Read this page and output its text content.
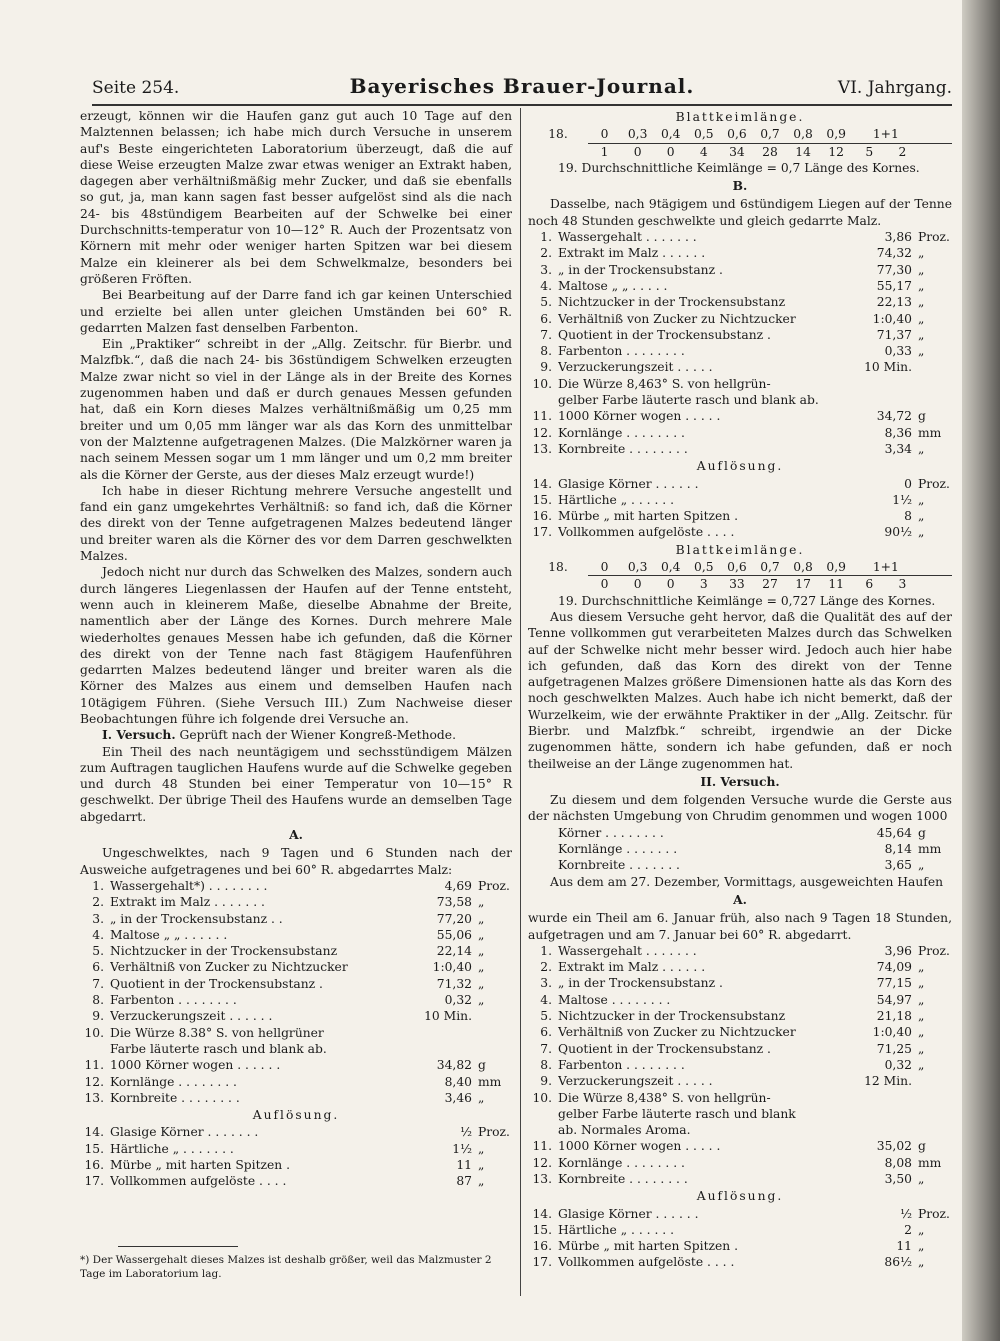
Seite 254.	Bayerisches Brauer-Journal.	VI. Jahrgang.

erzeugt, können wir die Haufen ganz gut auch 10 Tage auf den Malztennen belassen; ich habe mich durch Versuche in unserem auf's Beste eingerichteten Laboratorium überzeugt, daß die auf diese Weise erzeugten Malze zwar etwas weniger an Extrakt haben, dagegen aber verhältnißmäßig mehr Zucker, und daß sie ebenfalls so gut, ja, man kann sagen fast besser aufgelöst sind als die nach 24- bis 48stündigem Bearbeiten auf der Schwelke bei einer Durchschnitts-temperatur von 10—12° R. Auch der Prozentsatz von Körnern mit mehr oder weniger harten Spitzen war bei diesem Malze ein kleinerer als bei dem Schwelkmalze, besonders bei größeren Fröften.

Bei Bearbeitung auf der Darre fand ich gar keinen Unterschied und erzielte bei allen unter gleichen Umständen bei 60° R. gedarrten Malzen fast denselben Farbenton.

Ein „Praktiker“ schreibt in der „Allg. Zeitschr. für Bierbr. und Malzfbk.“, daß die nach 24- bis 36stündigem Schwelken erzeugten Malze zwar nicht so viel in der Länge als in der Breite des Kornes zugenommen haben und daß er durch genaues Messen gefunden hat, daß ein Korn dieses Malzes verhältnißmäßig um 0,25 mm breiter und um 0,05 mm länger war als das Korn des unmittelbar von der Malztenne aufgetragenen Malzes. (Die Malzkörner waren ja nach seinem Messen sogar um 1 mm länger und um 0,2 mm breiter als die Körner der Gerste, aus der dieses Malz erzeugt wurde!)

Ich habe in dieser Richtung mehrere Versuche angestellt und fand ein ganz umgekehrtes Verhältniß: so fand ich, daß die Körner des direkt von der Tenne aufgetragenen Malzes bedeutend länger und breiter waren als die Körner des vor dem Darren geschwelkten Malzes.

Jedoch nicht nur durch das Schwelken des Malzes, sondern auch durch längeres Liegenlassen der Haufen auf der Tenne entsteht, wenn auch in kleinerem Maße, dieselbe Abnahme der Breite, namentlich aber der Länge des Kornes. Durch mehrere Male wiederholtes genaues Messen habe ich gefunden, daß die Körner des direkt von der Tenne nach fast 8tägigem Haufenführen gedarrten Malzes bedeutend länger und breiter waren als die Körner des Malzes aus einem und demselben Haufen nach 10tägigem Führen. (Siehe Versuch III.) Zum Nachweise dieser Beobachtungen führe ich folgende drei Versuche an.

I. Versuch. Geprüft nach der Wiener Kongreß-Methode.

Ein Theil des nach neuntägigem und sechsstündigem Mälzen zum Auftragen tauglichen Haufens wurde auf die Schwelke gegeben und durch 48 Stunden bei einer Temperatur von 10—15° R geschwelkt. Der übrige Theil des Haufens wurde an demselben Tage abgedarrt.

A.

Ungeschwelktes, nach 9 Tagen und 6 Stunden nach der Ausweiche aufgetragenes und bei 60° R. abgedarrtes Malz:

1. Wassergehalt*) . . . . . . . .	4,69 Proz.
2. Extrakt im Malz . . . . . . .	73,58 „
3. „ in der Trockensubstanz . .	77,20 „
4. Maltose „ „ . . . . . .	55,06 „
5. Nichtzucker in der Trockensubstanz	22,14 „
6. Verhältniß von Zucker zu Nichtzucker	1:0,40 „
7. Quotient in der Trockensubstanz .	71,32 „
8. Farbenton . . . . . . . .	0,32 „
9. Verzuckerungszeit . . . . . .	10 Min.
10. Die Würze 8.38° S. von hellgrüner
Farbe läuterte rasch und blank ab.
11. 1000 Körner wogen . . . . . .	34,82 g
12. Kornlänge . . . . . . . .	8,40 mm
13. Kornbreite . . . . . . . .	3,46 „
Auflösung.
14. Glasige Körner . . . . . . .	½ Proz.
15. Härtliche „ . . . . . . .	1½ „
16. Mürbe „ mit harten Spitzen .	11 „
17. Vollkommen aufgelöste . . . .	87 „
*) Der Wassergehalt dieses Malzes ist deshalb größer, weil das Malzmuster 2 Tage im Laboratorium lag.
Blattkeimlänge.
18.	0	0,3	0,4	0,5	0,6	0,7	0,8	0,9	1+1
1	0	0	4	34	28	14	12	5	2
19. Durchschnittliche Keimlänge = 0,7 Länge des Kornes.
B.

Dasselbe, nach 9tägigem und 6stündigem Liegen auf der Tenne noch 48 Stunden geschwelkte und gleich gedarrte Malz.

1. Wassergehalt . . . . . . .	3,86 Proz.
2. Extrakt im Malz . . . . . .	74,32 „
3. „ in der Trockensubstanz .	77,30 „
4. Maltose „ „ . . . . .	55,17 „
5. Nichtzucker in der Trockensubstanz	22,13 „
6. Verhältniß von Zucker zu Nichtzucker	1:0,40 „
7. Quotient in der Trockensubstanz .	71,37 „
8. Farbenton . . . . . . . .	0,33 „
9. Verzuckerungszeit . . . . .	10 Min.
10. Die Würze 8,463° S. von hellgrün-
gelber Farbe läuterte rasch und blank ab.
11. 1000 Körner wogen . . . . .	34,72 g
12. Kornlänge . . . . . . . .	8,36 mm
13. Kornbreite . . . . . . . .	3,34 „
Auflösung.
14. Glasige Körner . . . . . .	0 Proz.
15. Härtliche „ . . . . . .	1½ „
16. Mürbe „ mit harten Spitzen .	8 „
17. Vollkommen aufgelöste . . . .	90½ „
Blattkeimlänge.
18.	0	0,3	0,4	0,5	0,6	0,7	0,8	0,9	1+1
0	0	0	3	33	27	17	11	6	3
19. Durchschnittliche Keimlänge = 0,727 Länge des Kornes.

Aus diesem Versuche geht hervor, daß die Qualität des auf der Tenne vollkommen gut verarbeiteten Malzes durch das Schwelken auf der Schwelke nicht mehr besser wird. Jedoch auch hier habe ich gefunden, daß das Korn des direkt von der Tenne aufgetragenen Malzes größere Dimensionen hatte als das Korn des noch geschwelkten Malzes. Auch habe ich nicht bemerkt, daß der Wurzelkeim, wie der erwähnte Praktiker in der „Allg. Zeitschr. für Bierbr. und Malzfbk.“ schreibt, irgendwie an der Dicke zugenommen hätte, sondern ich habe gefunden, daß er noch theilweise an der Länge zugenommen hat.

II. Versuch.

Zu diesem und dem folgenden Versuche wurde die Gerste aus der nächsten Umgebung von Chrudim genommen und wogen 1000

Körner . . . . . . . .	45,64 g
Kornlänge . . . . . . .	8,14 mm
Kornbreite . . . . . . .	3,65 „

Aus dem am 27. Dezember, Vormittags, ausgeweichten Haufen

A.

wurde ein Theil am 6. Januar früh, also nach 9 Tagen 18 Stunden, aufgetragen und am 7. Januar bei 60° R. abgedarrt.

1. Wassergehalt . . . . . . .	3,96 Proz.
2. Extrakt im Malz . . . . . .	74,09 „
3. „ in der Trockensubstanz .	77,15 „
4. Maltose . . . . . . . .	54,97 „
5. Nichtzucker in der Trockensubstanz	21,18 „
6. Verhältniß von Zucker zu Nichtzucker	1:0,40 „
7. Quotient in der Trockensubstanz .	71,25 „
8. Farbenton . . . . . . . .	0,32 „
9. Verzuckerungszeit . . . . .	12 Min.
10. Die Würze 8,438° S. von hellgrün-
gelber Farbe läuterte rasch und blank
ab. Normales Aroma.
11. 1000 Körner wogen . . . . .	35,02 g
12. Kornlänge . . . . . . . .	8,08 mm
13. Kornbreite . . . . . . . .	3,50 „
Auflösung.
14. Glasige Körner . . . . . .	½ Proz.
15. Härtliche „ . . . . . .	2 „
16. Mürbe „ mit harten Spitzen .	11 „
17. Vollkommen aufgelöste . . . .	86½ „
